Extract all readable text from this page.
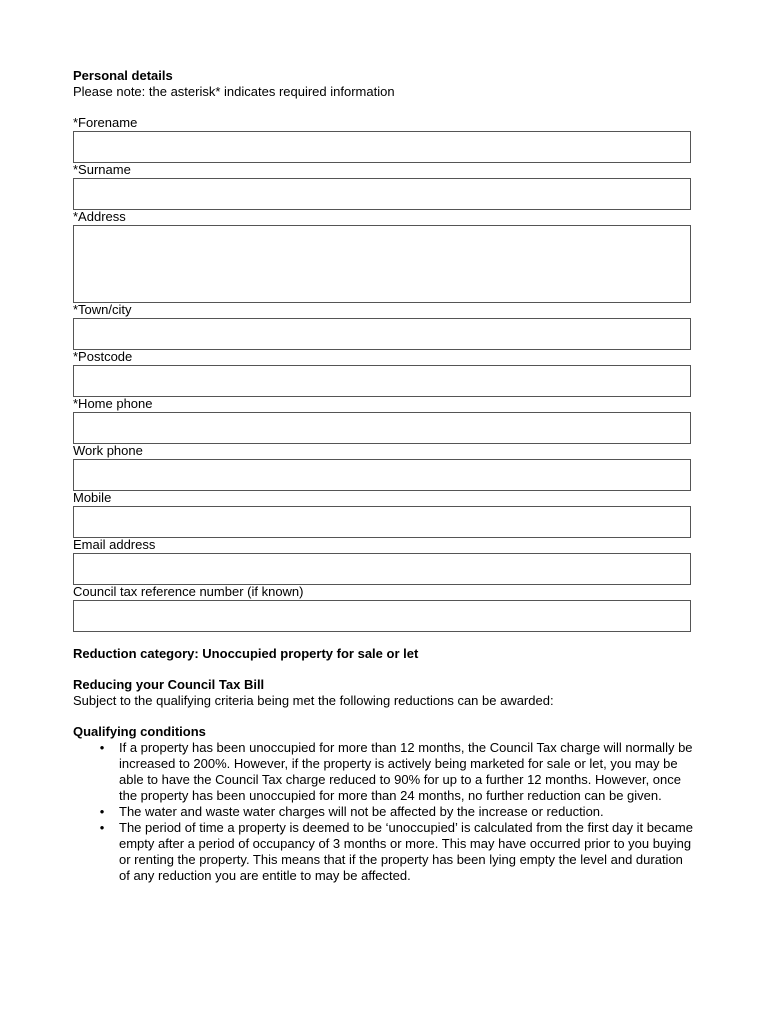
Personal details

Please note: the asterisk* indicates required information

*Forename

*Surname

*Address

*Town/city

*Postcode

*Home phone

Work phone

Mobile

Email address

Council tax reference number (if known)

Reduction category: Unoccupied property for sale or let

Reducing your Council Tax Bill

Subject to the qualifying criteria being met the following reductions can be awarded:

Qualifying conditions

• If a property has been unoccupied for more than 12 months, the Council Tax charge will normally be increased to 200%. However, if the property is actively being marketed for sale or let, you may be able to have the Council Tax charge reduced to 90% for up to a further 12 months. However, once the property has been unoccupied for more than 24 months, no further reduction can be given.
• The water and waste water charges will not be affected by the increase or reduction.
• The period of time a property is deemed to be ‘unoccupied’ is calculated from the first day it became empty after a period of occupancy of 3 months or more. This may have occurred prior to you buying or renting the property. This means that if the property has been lying empty the level and duration of any reduction you are entitle to may be affected.
